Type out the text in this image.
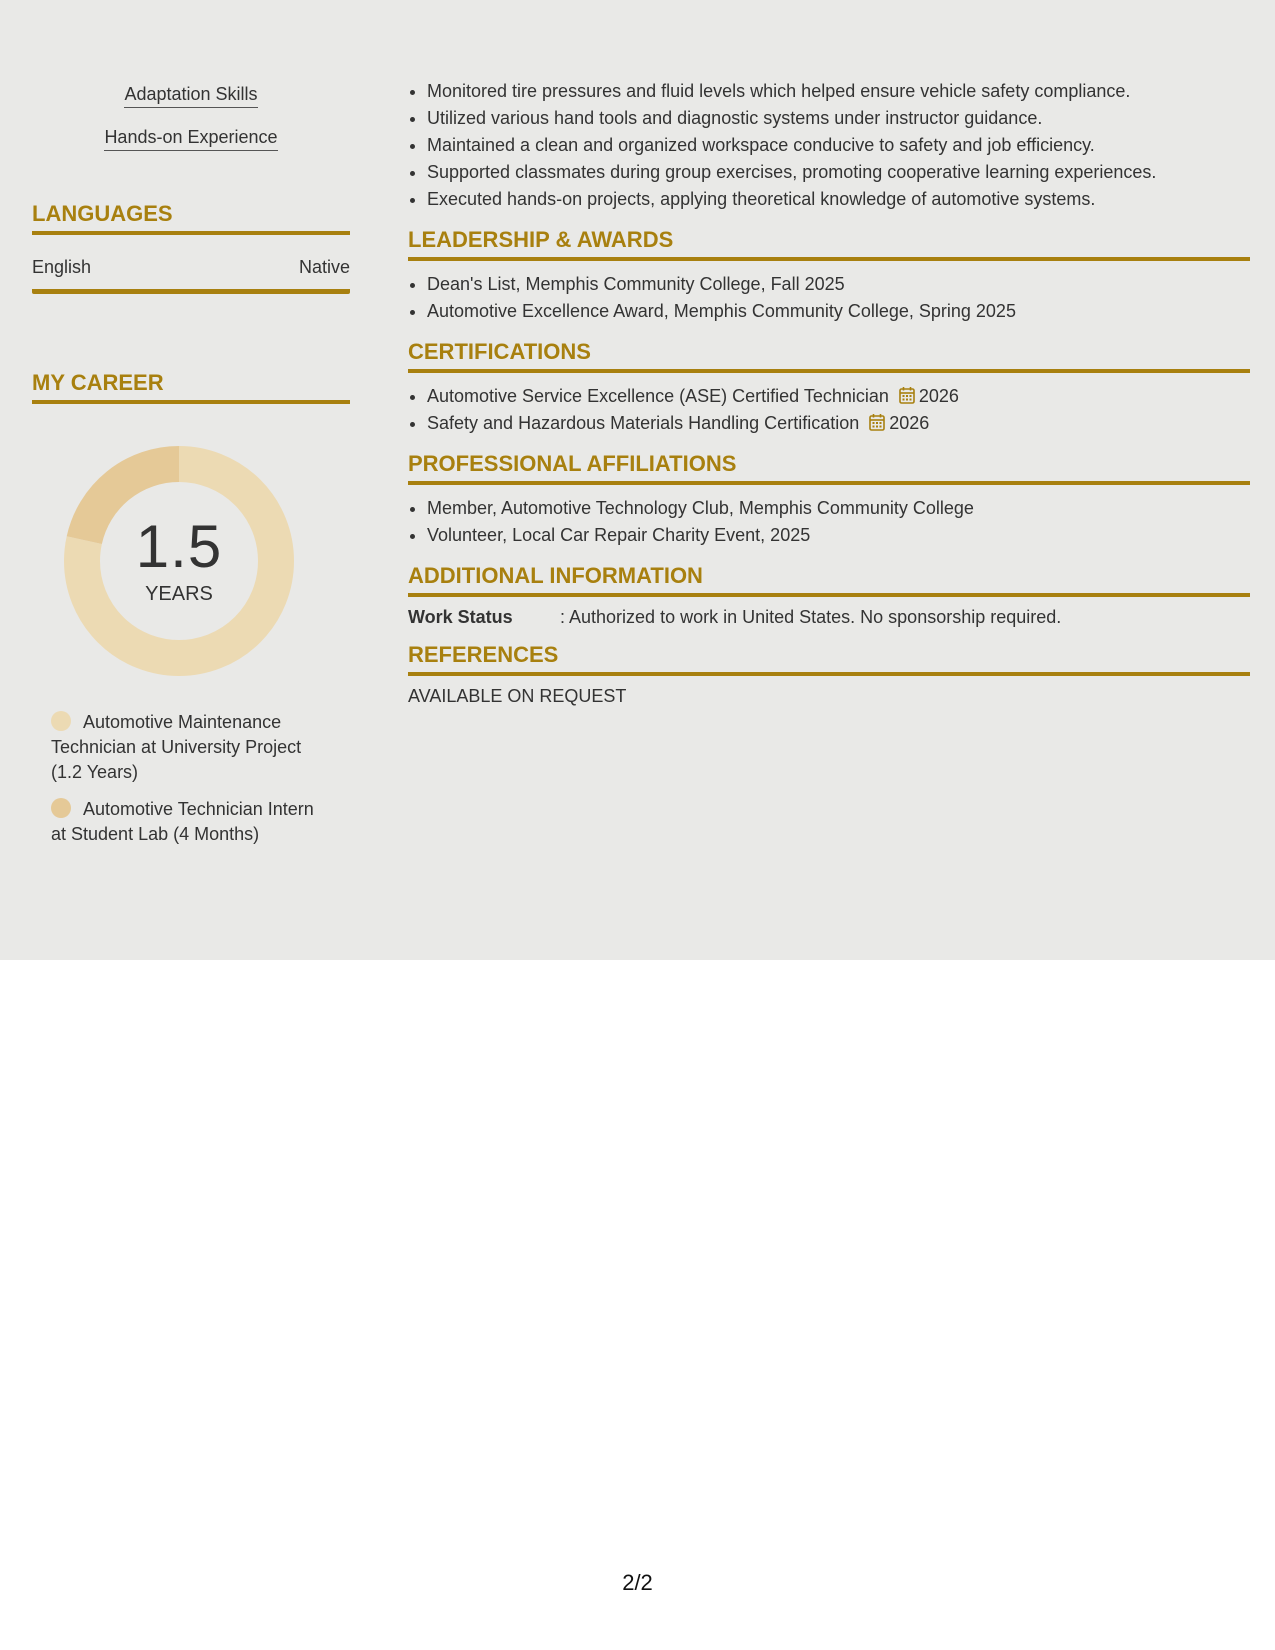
Adaptation Skills
Hands-on Experience
LANGUAGES
English	Native
MY CAREER
1.5
YEARS
Automotive Maintenance Technician at University Project (1.2 Years)
Automotive Technician Intern at Student Lab (4 Months)
• Monitored tire pressures and fluid levels which helped ensure vehicle safety compliance.
• Utilized various hand tools and diagnostic systems under instructor guidance.
• Maintained a clean and organized workspace conducive to safety and job efficiency.
• Supported classmates during group exercises, promoting cooperative learning experiences.
• Executed hands-on projects, applying theoretical knowledge of automotive systems.
LEADERSHIP & AWARDS
• Dean's List, Memphis Community College, Fall 2025
• Automotive Excellence Award, Memphis Community College, Spring 2025
CERTIFICATIONS
• Automotive Service Excellence (ASE) Certified Technician 2026
• Safety and Hazardous Materials Handling Certification 2026
PROFESSIONAL AFFILIATIONS
• Member, Automotive Technology Club, Memphis Community College
• Volunteer, Local Car Repair Charity Event, 2025
ADDITIONAL INFORMATION
Work Status	: Authorized to work in United States. No sponsorship required.
REFERENCES
AVAILABLE ON REQUEST
2/2
